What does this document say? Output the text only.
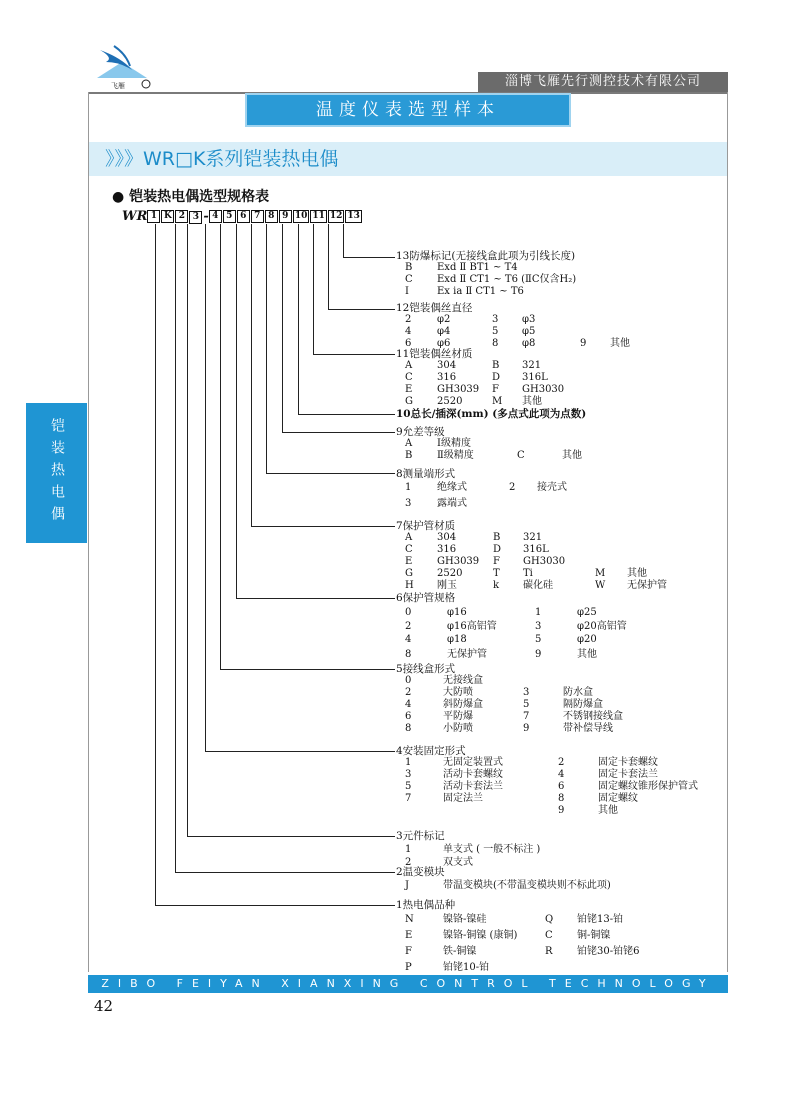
飞雁	淄博飞雁先行测控技术有限公司
温度仪表选型样本
》》》WR□K系列铠装热电偶
● 铠装热电偶选型规格表
铠装热电偶
WR 1 K 2 3 - 4 5 6 7 8 9 10 11 12 13
13防爆标记(无接线盒此项为引线长度)
B	Exd Ⅱ BT1 ~ T4
C	Exd Ⅱ CT1 ~ T6 (ⅡC仅含H₂)
I	Ex ia Ⅱ CT1 ~ T6
12铠装偶丝直径
2	φ2	3	φ3
4	φ4	5	φ5
6	φ6	8	φ8	9	其他
11铠装偶丝材质
A	304	B	321
C	316	D	316L
E	GH3039	F	GH3030
G	2520	M	其他
10总长/插深(mm) (多点式此项为点数)
9允差等级
A	Ⅰ级精度
B	Ⅱ级精度	C	其他
8测量端形式
1	绝缘式	2	接壳式
3	露端式
7保护管材质
A	304	B	321
C	316	D	316L
E	GH3039	F	GH3030
G	2520	T	Ti	M	其他
H	刚玉	k	碳化硅	W	无保护管
6保护管规格
0	φ16	1	φ25
2	φ16高铝管	3	φ20高铝管
4	φ18	5	φ20
8	无保护管	9	其他
5接线盒形式
0	无接线盒
2	大防喷	3	防水盒
4	斜防爆盒	5	隔防爆盒
6	平防爆	7	不锈钢接线盒
8	小防喷	9	带补偿导线
4安装固定形式
1	无固定装置式	2	固定卡套螺纹
3	活动卡套螺纹	4	固定卡套法兰
5	活动卡套法兰	6	固定螺纹锥形保护管式
7	固定法兰	8	固定螺纹
9	其他
3元件标记
1	单支式 ( 一般不标注 )
2	双支式
2温变模块
J	带温变模块(不带温变模块则不标此项)
1热电偶品种
N	镍铬-镍硅	Q	铂铑13-铂
E	镍铬-铜镍 (康铜)	C	铜-铜镍
F	铁-铜镍	R	铂铑30-铂铑6
P	铂铑10-铂
ZIBO FEIYAN XIANXING CONTROL TECHNOLOGY CO.,LTD
42
